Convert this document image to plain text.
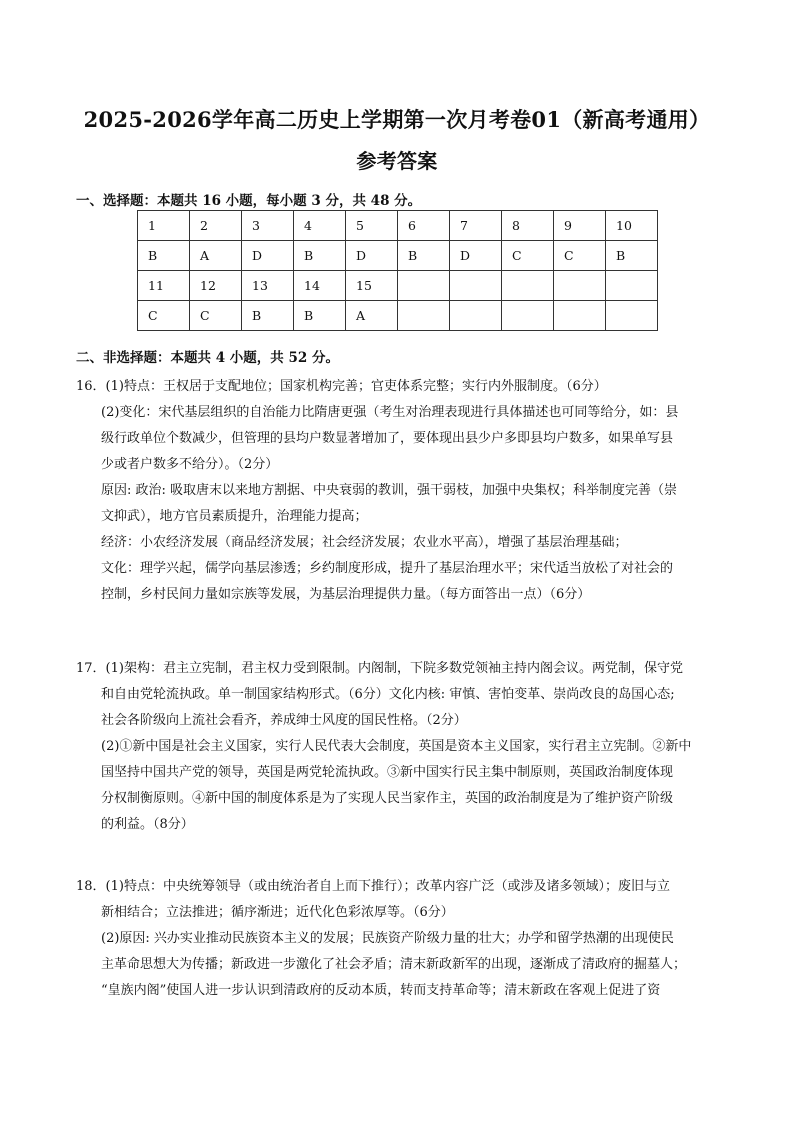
2025-2026学年高二历史上学期第一次月考卷01（新高考通用）
参考答案
一、选择题：本题共 16 小题，每小题 3 分，共 48 分。
1	2	3	4	5	6	7	8	9	10
B	A	D	B	D	B	D	C	C	B
11	12	13	14	15					
C	C	B	B	A					
二、非选择题：本题共 4 小题，共 52 分。
16．(1)特点：王权居于支配地位；国家机构完善；官吏体系完整；实行内外服制度。（6分）
(2)变化：宋代基层组织的自治能力比隋唐更强（考生对治理表现进行具体描述也可同等给分，如：县
级行政单位个数减少，但管理的县均户数显著增加了，要体现出县少户多即县均户数多，如果单写县
少或者户数多不给分）。（2分）
原因: 政治: 吸取唐末以来地方割据、中央衰弱的教训，强干弱枝，加强中央集权；科举制度完善（崇
文抑武），地方官员素质提升，治理能力提高；
经济：小农经济发展（商品经济发展；社会经济发展；农业水平高），增强了基层治理基础；
文化：理学兴起，儒学向基层渗透；乡约制度形成，提升了基层治理水平；宋代适当放松了对社会的
控制，乡村民间力量如宗族等发展，为基层治理提供力量。（每方面答出一点）（6分）
17．(1)架构：君主立宪制，君主权力受到限制。内阁制，下院多数党领袖主持内阁会议。两党制，保守党
和自由党轮流执政。单一制国家结构形式。（6分）文化内核: 审慎、害怕变革、崇尚改良的岛国心态;
社会各阶级向上流社会看齐，养成绅士风度的国民性格。（2分）
(2)①新中国是社会主义国家，实行人民代表大会制度，英国是资本主义国家，实行君主立宪制。②新中
国坚持中国共产党的领导，英国是两党轮流执政。③新中国实行民主集中制原则，英国政治制度体现
分权制衡原则。④新中国的制度体系是为了实现人民当家作主，英国的政治制度是为了维护资产阶级
的利益。（8分）
18．(1)特点：中央统筹领导（或由统治者自上而下推行）；改革内容广泛（或涉及诸多领域）；废旧与立
新相结合；立法推进；循序渐进；近代化色彩浓厚等。（6分）
(2)原因: 兴办实业推动民族资本主义的发展；民族资产阶级力量的壮大；办学和留学热潮的出现使民
主革命思想大为传播；新政进一步激化了社会矛盾；清末新政新军的出现，逐渐成了清政府的掘墓人；
“皇族内阁”使国人进一步认识到清政府的反动本质，转而支持革命等；清末新政在客观上促进了资
